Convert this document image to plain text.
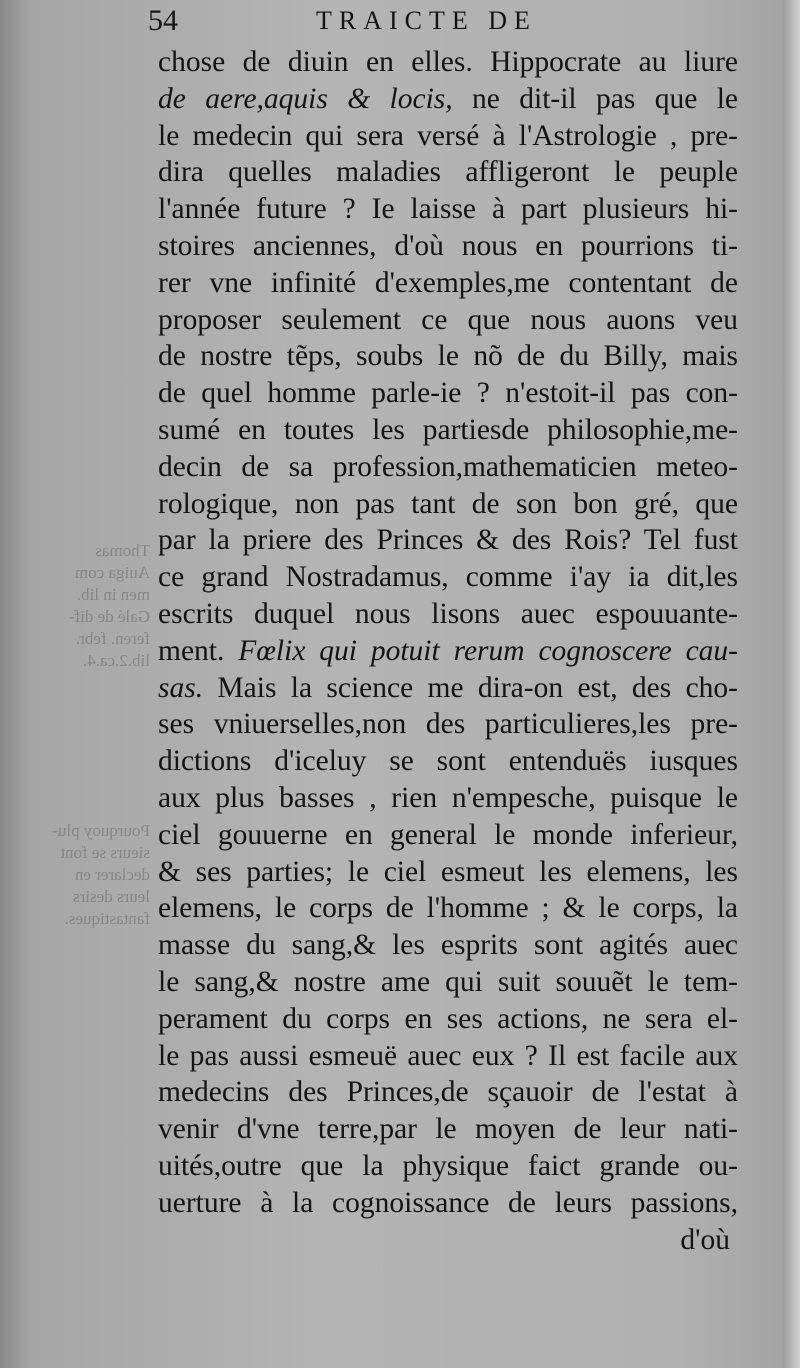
Thomas
Auiga com
men in lib.
Galé de dif-
feren. febr.
lib.2.ca.4.
Pourquoy plu-
sieurs se font
declarer en
leurs desirs
fantastiques.
54	TRAICTE DE
chose de diuin en elles. Hippocrate au liure
de aere,aquis & locis, ne dit-il pas que le
le medecin qui sera versé à l'Astrologie , pre-
dira quelles maladies affligeront le peuple
l'année future ? Ie laisse à part plusieurs hi-
stoires anciennes, d'où nous en pourrions ti-
rer vne infinité d'exemples,me contentant de
proposer seulement ce que nous auons veu
de nostre tẽps, soubs le nõ de du Billy, mais
de quel homme parle-ie ? n'estoit-il pas con-
sumé en toutes les partiesde philosophie,me-
decin de sa profession,mathematicien meteo-
rologique, non pas tant de son bon gré, que
par la priere des Princes & des Rois? Tel fust
ce grand Nostradamus, comme i'ay ia dit,les
escrits duquel nous lisons auec espouuante-
ment. Fœlix qui potuit rerum cognoscere cau-
sas. Mais la science me dira-on est, des cho-
ses vniuerselles,non des particulieres,les pre-
dictions d'iceluy se sont entenduës iusques
aux plus basses , rien n'empesche, puisque le
ciel gouuerne en general le monde inferieur,
& ses parties; le ciel esmeut les elemens, les
elemens, le corps de l'homme ; & le corps, la
masse du sang,& les esprits sont agités auec
le sang,& nostre ame qui suit souuẽt le tem-
perament du corps en ses actions, ne sera el-
le pas aussi esmeuë auec eux ? Il est facile aux
medecins des Princes,de sçauoir de l'estat à
venir d'vne terre,par le moyen de leur nati-
uités,outre que la physique faict grande ou-
uerture à la cognoissance de leurs passions,
d'où
